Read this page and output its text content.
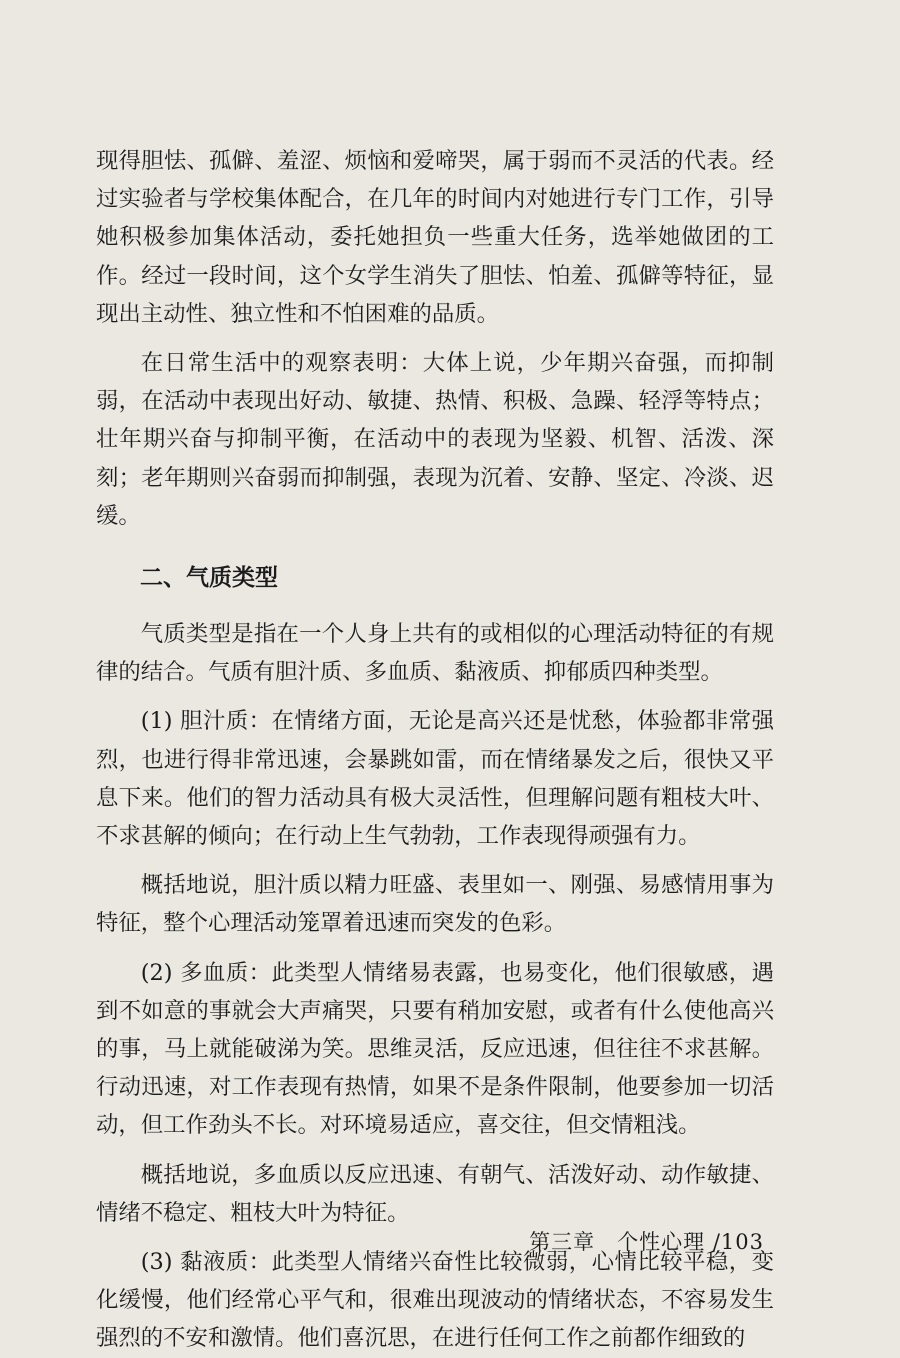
现得胆怯、孤僻、羞涩、烦恼和爱啼哭，属于弱而不灵活的代表。经过实验者与学校集体配合，在几年的时间内对她进行专门工作，引导她积极参加集体活动，委托她担负一些重大任务，选举她做团的工作。经过一段时间，这个女学生消失了胆怯、怕羞、孤僻等特征，显现出主动性、独立性和不怕困难的品质。

在日常生活中的观察表明：大体上说，少年期兴奋强，而抑制弱，在活动中表现出好动、敏捷、热情、积极、急躁、轻浮等特点；壮年期兴奋与抑制平衡，在活动中的表现为坚毅、机智、活泼、深刻；老年期则兴奋弱而抑制强，表现为沉着、安静、坚定、冷淡、迟缓。

二、气质类型

气质类型是指在一个人身上共有的或相似的心理活动特征的有规律的结合。气质有胆汁质、多血质、黏液质、抑郁质四种类型。

(1) 胆汁质：在情绪方面，无论是高兴还是忧愁，体验都非常强烈，也进行得非常迅速，会暴跳如雷，而在情绪暴发之后，很快又平息下来。他们的智力活动具有极大灵活性，但理解问题有粗枝大叶、不求甚解的倾向；在行动上生气勃勃，工作表现得顽强有力。

概括地说，胆汁质以精力旺盛、表里如一、刚强、易感情用事为特征，整个心理活动笼罩着迅速而突发的色彩。

(2) 多血质：此类型人情绪易表露，也易变化，他们很敏感，遇到不如意的事就会大声痛哭，只要有稍加安慰，或者有什么使他高兴的事，马上就能破涕为笑。思维灵活，反应迅速，但往往不求甚解。行动迅速，对工作表现有热情，如果不是条件限制，他要参加一切活动，但工作劲头不长。对环境易适应，喜交往，但交情粗浅。

概括地说，多血质以反应迅速、有朝气、活泼好动、动作敏捷、情绪不稳定、粗枝大叶为特征。

(3) 黏液质：此类型人情绪兴奋性比较微弱，心情比较平稳，变化缓慢，他们经常心平气和，很难出现波动的情绪状态，不容易发生强烈的不安和激情。他们喜沉思，在进行任何工作之前都作细致的

第三章 个性心理 /103
